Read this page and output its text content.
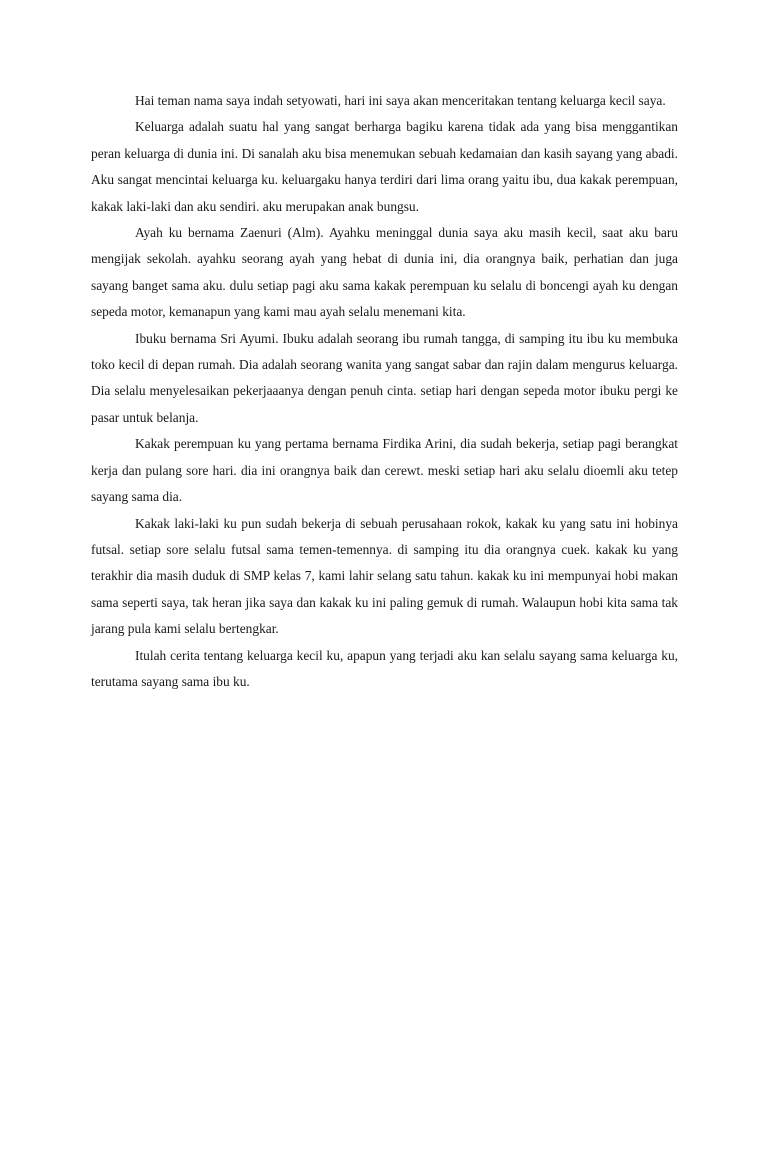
Hai teman nama saya indah setyowati, hari ini saya akan menceritakan tentang keluarga kecil saya.

Keluarga adalah suatu hal yang sangat berharga bagiku karena tidak ada yang bisa menggantikan peran keluarga di dunia ini. Di sanalah aku bisa menemukan sebuah kedamaian dan kasih sayang yang abadi. Aku sangat mencintai keluarga ku. keluargaku hanya terdiri dari lima orang yaitu ibu, dua kakak perempuan, kakak laki-laki dan aku sendiri. aku merupakan anak bungsu.

Ayah ku bernama Zaenuri (Alm). Ayahku meninggal dunia saya aku masih kecil, saat aku baru mengijak sekolah. ayahku seorang ayah yang hebat di dunia ini, dia orangnya baik, perhatian dan juga sayang banget sama aku. dulu setiap pagi aku sama kakak perempuan ku selalu di boncengi ayah ku dengan sepeda motor, kemanapun yang kami mau ayah selalu menemani kita.

Ibuku bernama Sri Ayumi. Ibuku adalah seorang ibu rumah tangga, di samping itu ibu ku membuka toko kecil di depan rumah. Dia adalah seorang wanita yang sangat sabar dan rajin dalam mengurus keluarga. Dia selalu menyelesaikan pekerjaaanya dengan penuh cinta. setiap hari dengan sepeda motor ibuku pergi ke pasar untuk belanja.

Kakak perempuan ku yang pertama bernama Firdika Arini, dia sudah bekerja, setiap pagi berangkat kerja dan pulang sore hari. dia ini orangnya baik dan cerewt. meski setiap hari aku selalu dioemli aku tetep sayang sama dia.

Kakak laki-laki ku pun sudah bekerja di sebuah perusahaan rokok, kakak ku yang satu ini hobinya futsal. setiap sore selalu futsal sama temen-temennya. di samping itu dia orangnya cuek. kakak ku yang terakhir dia masih duduk di SMP kelas 7, kami lahir selang satu tahun. kakak ku ini mempunyai hobi makan sama seperti saya, tak heran jika saya dan kakak ku ini paling gemuk di rumah. Walaupun hobi kita sama tak jarang pula kami selalu bertengkar.

Itulah cerita tentang keluarga kecil ku, apapun yang terjadi aku kan selalu sayang sama keluarga ku, terutama sayang sama ibu ku.
